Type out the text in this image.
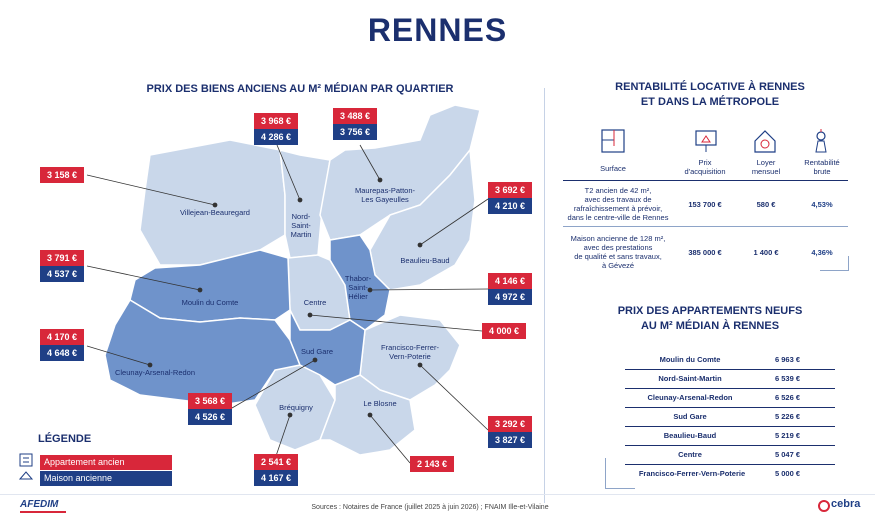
RENNES
PRIX DES BIENS ANCIENS AU M² MÉDIAN PAR QUARTIER
Villejean-Beauregard	Nord-
Saint-
Martin
Maurepas-Patton-
Les Gayeulles
Beaulieu-Baud
Thabor-
Saint-
Hélier
Centre
Moulin du Comte
Cleunay-Arsenal-Redon
Sud Gare	Francisco-Ferrer-
Vern-Poterie
Bréquigny	Le Blosne
3 158 €
3 968 €
4 286 €
3 488 €
3 756 €
3 692 €
4 210 €
4 146 €
4 972 €
4 000 €
3 791 €
4 537 €
4 170 €
4 648 €
3 568 €
4 526 €
3 292 €
3 827 €
2 541 €
4 167 €
2 143 €
LÉGENDE
Appartement ancien
Maison ancienne
RENTABILITÉ LOCATIVE À RENNES
ET DANS LA MÉTROPOLE
Surface
Prix
d'acquisition
Loyer
mensuel
Rentabilité
brute
T2 ancien de 42 m²,
avec des travaux de
rafraîchissement à prévoir,
dans le centre-ville de Rennes
153 700 €	580 €	4,53%
Maison ancienne de 128 m²,
avec des prestations
de qualité et sans travaux,
à Gévezé
385 000 €	1 400 €	4,36%
PRIX DES APPARTEMENTS NEUFS
AU M² MÉDIAN À RENNES
Moulin du Comte	6 963 €
Nord-Saint-Martin	6 539 €
Cleunay-Arsenal-Redon	6 526 €
Sud Gare	5 226 €
Beaulieu-Baud	5 219 €
Centre	5 047 €
Francisco-Ferrer-Vern-Poterie	5 000 €
AFEDIM	Sources : Notaires de France (juillet 2025 à juin 2026) ; FNAIM Ille-et-Vilaine	cebra
